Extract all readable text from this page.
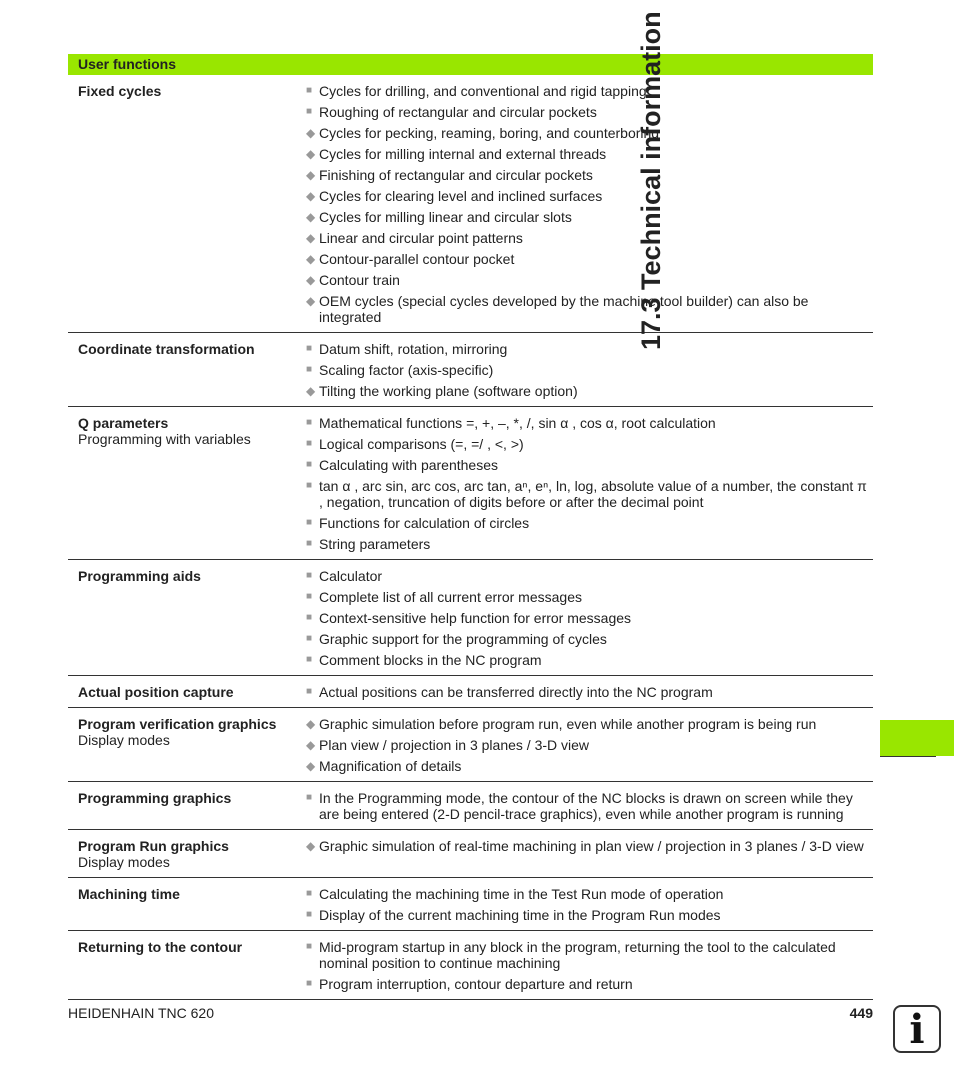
User functions
Fixed cycles	■ Cycles for drilling, and conventional and rigid tapping
■ Roughing of rectangular and circular pockets
◆ Cycles for pecking, reaming, boring, and counterboring
◆ Cycles for milling internal and external threads
◆ Finishing of rectangular and circular pockets
◆ Cycles for clearing level and inclined surfaces
◆ Cycles for milling linear and circular slots
◆ Linear and circular point patterns
◆ Contour-parallel contour pocket
◆ Contour train
◆ OEM cycles (special cycles developed by the machine tool builder) can also be integrated
Coordinate transformation	■ Datum shift, rotation, mirroring
■ Scaling factor (axis-specific)
◆ Tilting the working plane (software option)
Q parameters
Programming with variables
■ Mathematical functions =, +, –, *, /, sin α , cos α, root calculation
■ Logical comparisons (=, =/ , <, >)
■ Calculating with parentheses
■ tan α , arc sin, arc cos, arc tan, aⁿ, eⁿ, ln, log, absolute value of a number, the constant π , negation, truncation of digits before or after the decimal point
■ Functions for calculation of circles
■ String parameters
Programming aids	■ Calculator
■ Complete list of all current error messages
■ Context-sensitive help function for error messages
■ Graphic support for the programming of cycles
■ Comment blocks in the NC program
Actual position capture	■ Actual positions can be transferred directly into the NC program
Program verification graphics
Display modes
◆ Graphic simulation before program run, even while another program is being run
◆ Plan view / projection in 3 planes / 3-D view
◆ Magnification of details
Programming graphics	■ In the Programming mode, the contour of the NC blocks is drawn on screen while they are being entered (2-D pencil-trace graphics), even while another program is running
Program Run graphics
Display modes
◆ Graphic simulation of real-time machining in plan view / projection in 3 planes / 3-D view
Machining time	■ Calculating the machining time in the Test Run mode of operation
■ Display of the current machining time in the Program Run modes
Returning to the contour	■ Mid-program startup in any block in the program, returning the tool to the calculated nominal position to continue machining
■ Program interruption, contour departure and return
17.3 Technical information
HEIDENHAIN TNC 620	449 i
